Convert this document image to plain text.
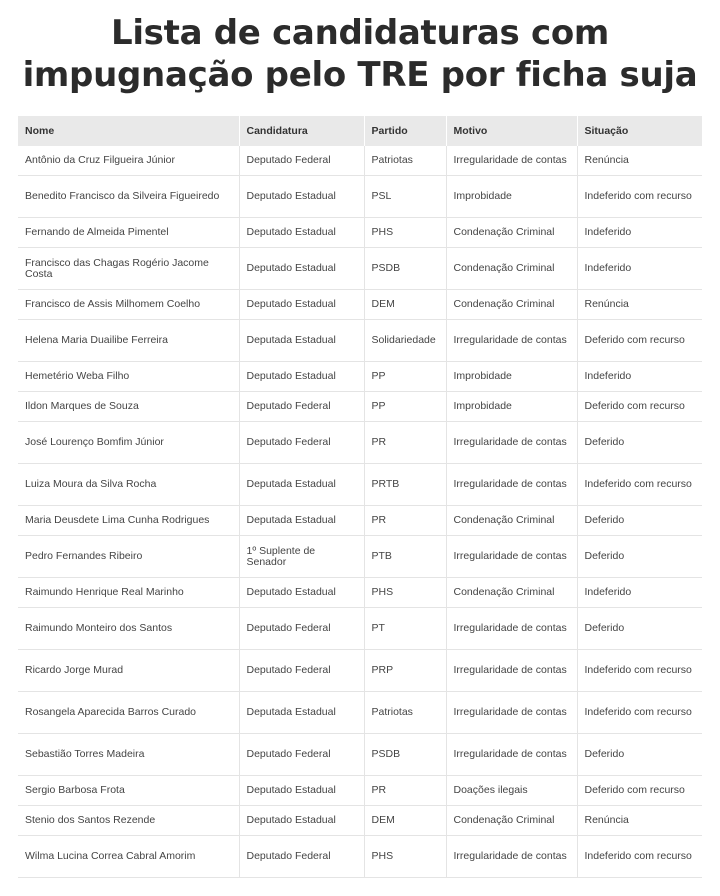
Lista de candidaturas com
impugnação pelo TRE por ficha suja
Nome	Candidatura	Partido	Motivo	Situação
Antônio da Cruz Filgueira Júnior	Deputado Federal	Patriotas	Irregularidade de contas	Renúncia
Benedito Francisco da Silveira Figueiredo	Deputado Estadual	PSL	Improbidade	Indeferido com recurso
Fernando de Almeida Pimentel	Deputado Estadual	PHS	Condenação Criminal	Indeferido
Francisco das Chagas Rogério Jacome Costa	Deputado Estadual	PSDB	Condenação Criminal	Indeferido
Francisco de Assis Milhomem Coelho	Deputado Estadual	DEM	Condenação Criminal	Renúncia
Helena Maria Duailibe Ferreira	Deputada Estadual	Solidariedade	Irregularidade de contas	Deferido com recurso
Hemetério Weba Filho	Deputado Estadual	PP	Improbidade	Indeferido
Ildon Marques de Souza	Deputado Federal	PP	Improbidade	Deferido com recurso
José Lourenço Bomfim Júnior	Deputado Federal	PR	Irregularidade de contas	Deferido
Luiza Moura da Silva Rocha	Deputada Estadual	PRTB	Irregularidade de contas	Indeferido com recurso
Maria Deusdete Lima Cunha Rodrigues	Deputada Estadual	PR	Condenação Criminal	Deferido
Pedro Fernandes Ribeiro	1º Suplente de Senador	PTB	Irregularidade de contas	Deferido
Raimundo Henrique Real Marinho	Deputado Estadual	PHS	Condenação Criminal	Indeferido
Raimundo Monteiro dos Santos	Deputado Federal	PT	Irregularidade de contas	Deferido
Ricardo Jorge Murad	Deputado Federal	PRP	Irregularidade de contas	Indeferido com recurso
Rosangela Aparecida Barros Curado	Deputada Estadual	Patriotas	Irregularidade de contas	Indeferido com recurso
Sebastião Torres Madeira	Deputado Federal	PSDB	Irregularidade de contas	Deferido
Sergio Barbosa Frota	Deputado Estadual	PR	Doações ilegais	Deferido com recurso
Stenio dos Santos Rezende	Deputado Estadual	DEM	Condenação Criminal	Renúncia
Wilma Lucina Correa Cabral Amorim	Deputado Federal	PHS	Irregularidade de contas	Indeferido com recurso
